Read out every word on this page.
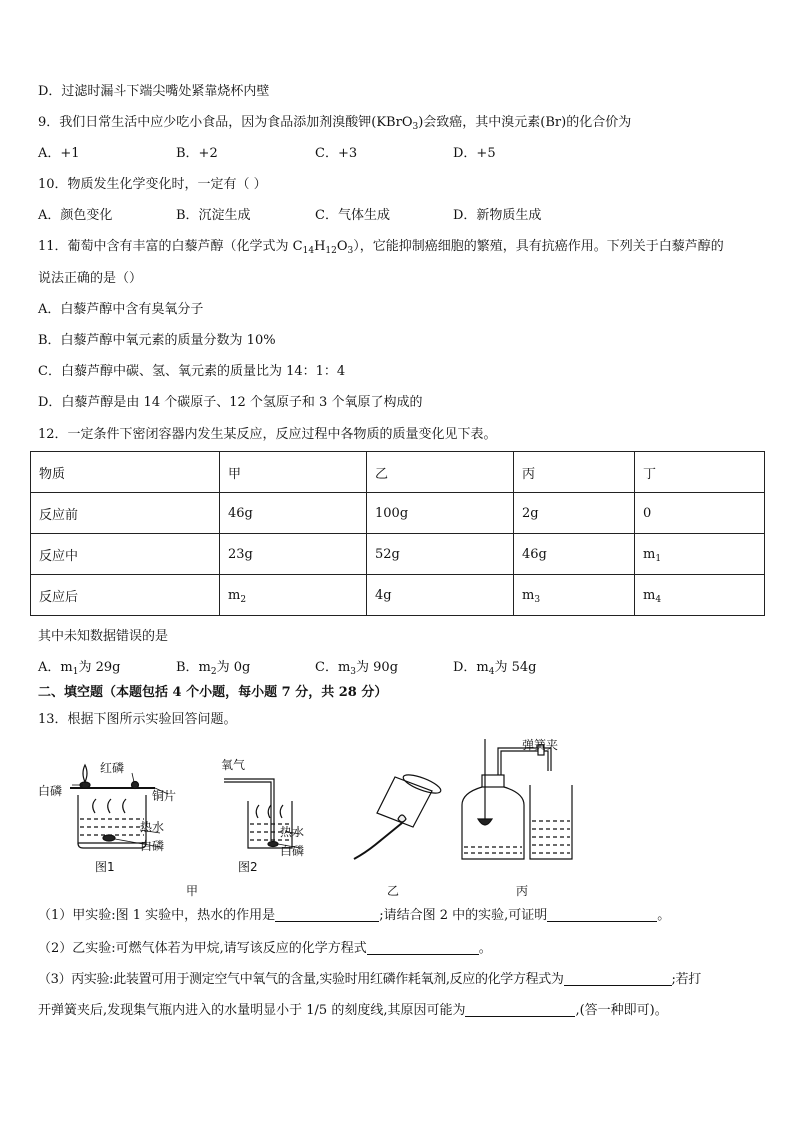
D．过滤时漏斗下端尖嘴处紧靠烧杯内壁
9．我们日常生活中应少吃小食品，因为食品添加剂溴酸钾(KBrO$_3$)会致癌，其中溴元素(Br)的化合价为
A．+1	B．+2	C．+3	D．+5
10．物质发生化学变化时，一定有（ ）
A．颜色变化	B．沉淀生成	C．气体生成	D．新物质生成
11．葡萄中含有丰富的白藜芦醇（化学式为 $C_{14}H_{12}O_3$），它能抑制癌细胞的繁殖，具有抗癌作用。下列关于白藜芦醇的
说法正确的是（）
A．白藜芦醇中含有臭氧分子
B．白藜芦醇中氧元素的质量分数为 10%
C．白藜芦醇中碳、氢、氧元素的质量比为 14：1：4
D．白藜芦醇是由 14 个碳原子、12 个氢原子和 3 个氧原了构成的
12．一定条件下密闭容器内发生某反应，反应过程中各物质的质量变化见下表。
物质	甲	乙	丙	丁
反应前	46g	100g	2g	0
反应中	23g	52g	46g	$m_1$
反应后	$m_2$	4g	$m_3$	$m_4$
其中未知数据错误的是
A．$m_1$为 29g	B．$m_2$为 0g	C．$m_3$为 90g	D．$m_4$为 54g
二、填空题（本题包括 4 个小题，每小题 7 分，共 28 分）
13．根据下图所示实验回答问题。
红磷
白磷	铜片
热水
白磷
图1
氧气
热水
白磷
图2
弹簧夹
甲	乙	丙
（1）甲实验:图 1 实验中，热水的作用是	;请结合图 2 中的实验,可证明	。
（2）乙实验:可燃气体若为甲烷,请写该反应的化学方程式	。
（3）丙实验:此装置可用于测定空气中氧气的含量,实验时用红磷作耗氧剂,反应的化学方程式为	;若打
开弹簧夹后,发现集气瓶内进入的水量明显小于 1/5 的刻度线,其原因可能为	,(答一种即可)。
